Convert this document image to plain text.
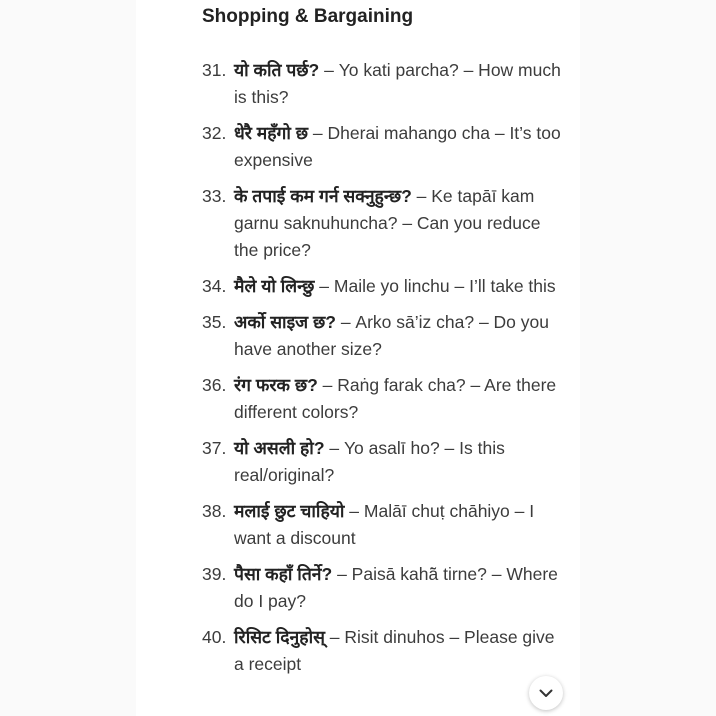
Shopping & Bargaining
31. यो कति पर्छ? – Yo kati parcha? – How much is this?
32. धेरै महँगो छ – Dherai mahango cha – It’s too expensive
33. के तपाई कम गर्न सक्नुहुन्छ? – Ke tapāī kam garnu saknuhuncha? – Can you reduce the price?
34. मैले यो लिन्छु – Maile yo linchu – I’ll take this
35. अर्को साइज छ? – Arko sā’iz cha? – Do you have another size?
36. रंग फरक छ? – Raṅg farak cha? – Are there different colors?
37. यो असली हो? – Yo asalī ho? – Is this real/original?
38. मलाई छुट चाहियो – Malāī chuṭ chāhiyo – I want a discount
39. पैसा कहाँ तिर्ने? – Paisā kahā̃ tirne? – Where do I pay?
40. रिसिट दिनुहोस् – Risit dinuhos – Please give a receipt
